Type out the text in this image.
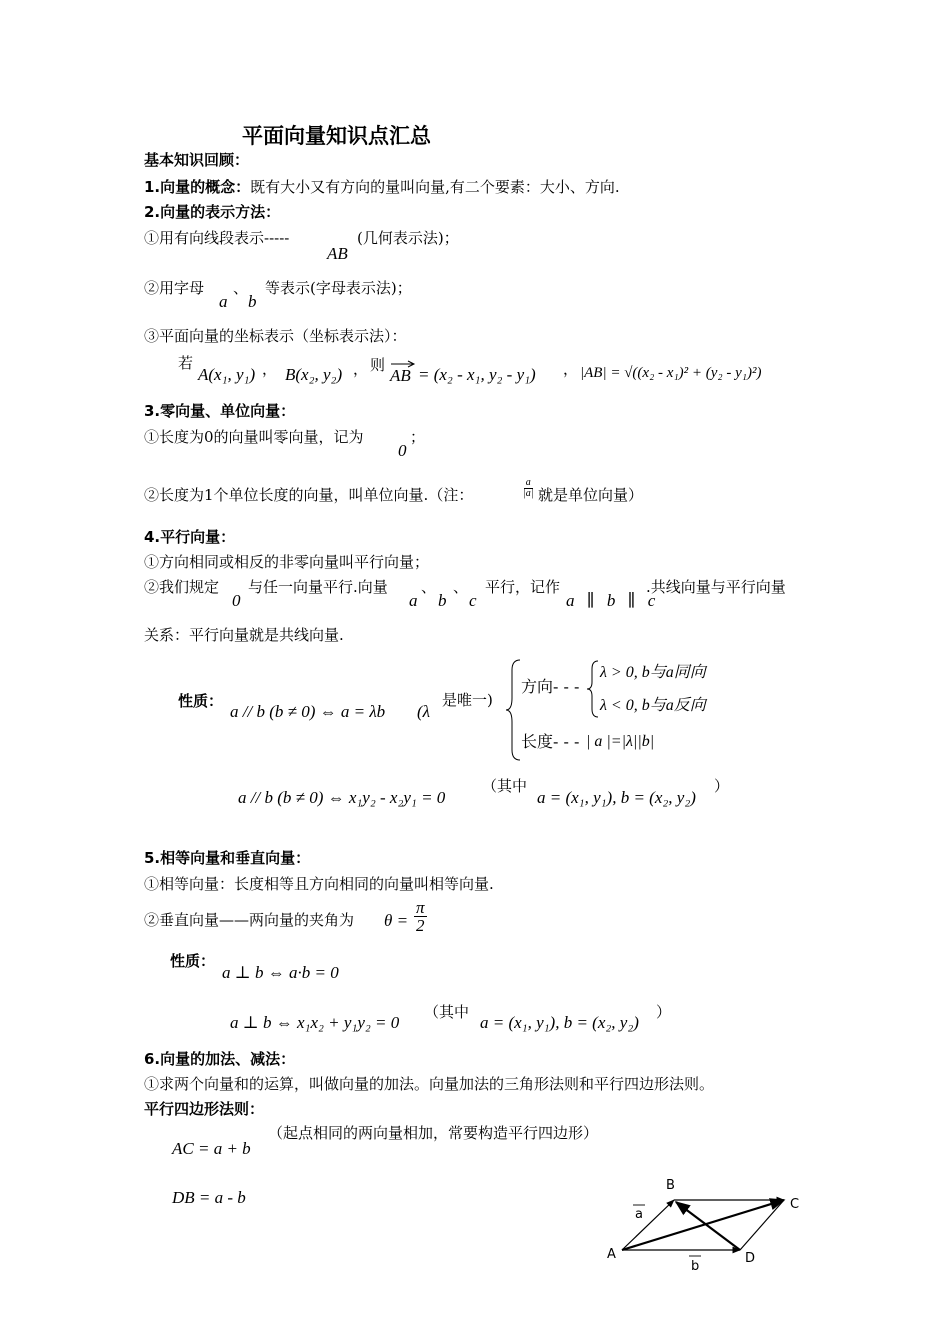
平面向量知识点汇总
基本知识回顾：
1.向量的概念：既有大小又有方向的量叫向量,有二个要素：大小、方向.
2.向量的表示方法：
①用有向线段表示-----
AB
(几何表示法)；
②用字母
a
、
b
等表示(字母表示法)；
③平面向量的坐标表示（坐标表示法）：
若
A(x₁, y₁) ， B(x₂, y₂) ， 则
AB = (x₂ - x₁, y₂ - y₁) ， |AB| = √((x₂ - x₁)² + (y₂ - y₁)²)
3.零向量、单位向量：
①长度为0的向量叫零向量，记为
0
；
②长度为1个单位长度的向量，叫单位向量.（注：	$\frac{a}{|a|}$ 就是单位向量）
4.平行向量：
①方向相同或相反的非零向量叫平行向量；
②我们规定
0
与任一向量平行.向量
a
、
b
、
c
平行，记作
a ∥ b ∥ c
.共线向量与平行向量
关系：平行向量就是共线向量.
性质：
a // b (b ≠ 0) ⇔ a = λb (λ
是唯一)
方向- - -
λ > 0, b与a同向
λ < 0, b与a反向
长度- - - | a |=|λ||b|
a // b (b ≠ 0) ⇔ x₁y₂ - x₂y₁ = 0
（其中
a = (x₁, y₁), b = (x₂, y₂)
）
5.相等向量和垂直向量：
①相等向量：长度相等且方向相同的向量叫相等向量.
②垂直向量——两向量的夹角为 $\theta = \frac{\pi}{2}$
性质：
a ⊥ b ⇔ a·b = 0
a ⊥ b ⇔ x₁x₂ + y₁y₂ = 0
（其中
a = (x₁, y₁), b = (x₂, y₂)
）
6.向量的加法、减法：
①求两个向量和的运算，叫做向量的加法。向量加法的三角形法则和平行四边形法则。
平行四边形法则：
AC = a + b
（起点相同的两向量相加，常要构造平行四边形）
DB = a - b
A
B
C
D
a
b
